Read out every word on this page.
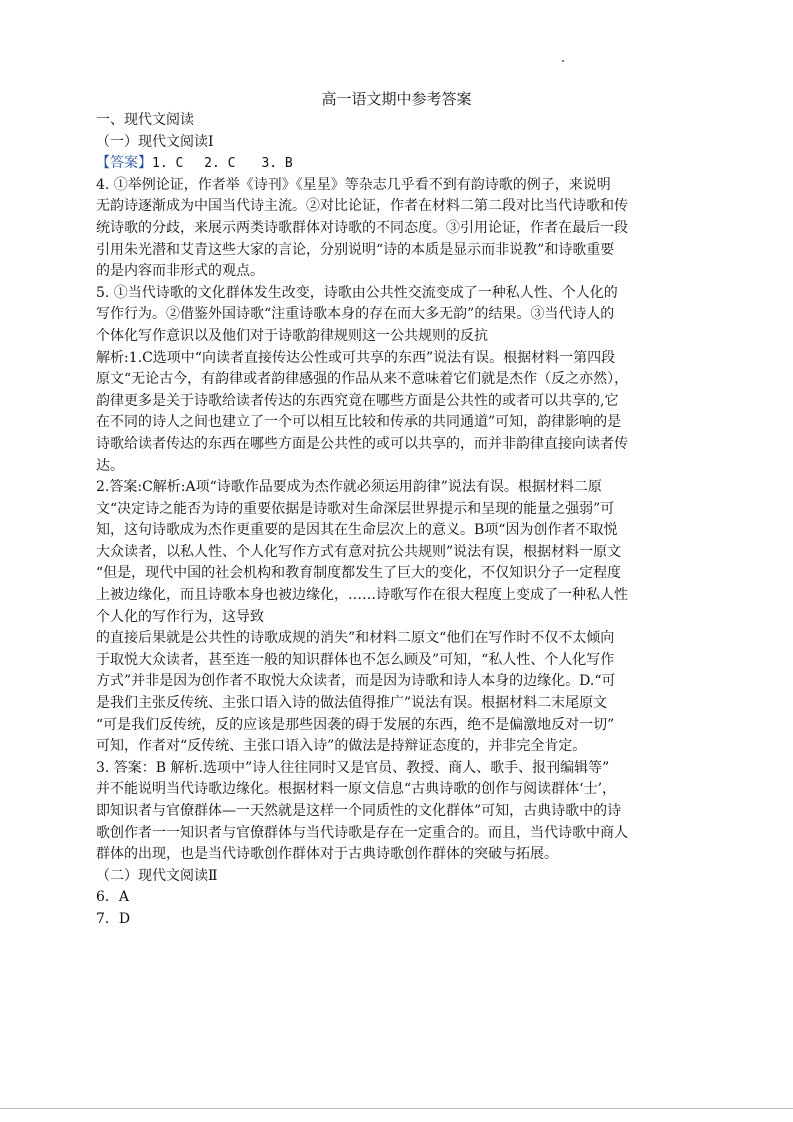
高一语文期中参考答案
一、现代文阅读
（一）现代文阅读Ⅰ
【答案】1. C　 2. C　　3. B
4. ①举例论证，作者举《诗刊》《星星》等杂志几乎看不到有韵诗歌的例子，来说明
无韵诗逐渐成为中国当代诗主流。②对比论证，作者在材料二第二段对比当代诗歌和传
统诗歌的分歧，来展示两类诗歌群体对诗歌的不同态度。③引用论证，作者在最后一段
引用朱光潜和艾青这些大家的言论，分别说明“诗的本质是显示而非说教”和诗歌重要
的是内容而非形式的观点。
5. ①当代诗歌的文化群体发生改变，诗歌由公共性交流变成了一种私人性、个人化的
写作行为。②借鉴外国诗歌“注重诗歌本身的存在而大多无韵”的结果。③当代诗人的
个体化写作意识以及他们对于诗歌韵律规则这一公共规则的反抗
解析:1.C选项中“向读者直接传达公性或可共享的东西”说法有误。根据材料一第四段
原文“无论古今，有韵律或者韵律感强的作品从来不意味着它们就是杰作（反之亦然），
韵律更多是关于诗歌给读者传达的东西究竟在哪些方面是公共性的或者可以共享的,它
在不同的诗人之间也建立了一个可以相互比较和传承的共同通道”可知，韵律影响的是
诗歌给读者传达的东西在哪些方面是公共性的或可以共享的，而并非韵律直接向读者传
达。
2.答案:C解析:A项“诗歌作品要成为杰作就必须运用韵律”说法有误。根据材料二原
文“决定诗之能否为诗的重要依据是诗歌对生命深层世界提示和呈现的能量之强弱”可
知，这句诗歌成为杰作更重要的是因其在生命层次上的意义。B项“因为创作者不取悦
大众读者，以私人性、个人化写作方式有意对抗公共规则”说法有误，根据材料一原文
“但是，现代中国的社会机构和教育制度都发生了巨大的变化，不仅知识分子一定程度
上被边缘化，而且诗歌本身也被边缘化，……诗歌写作在很大程度上变成了一种私人性
个人化的写作行为，这导致
的直接后果就是公共性的诗歌成规的消失”和材料二原文“他们在写作时不仅不太倾向
于取悦大众读者，甚至连一般的知识群体也不怎么顾及”可知，“私人性、个人化写作
方式”并非是因为创作者不取悦大众读者，而是因为诗歌和诗人本身的边缘化。D.“可
是我们主张反传统、主张口语入诗的做法值得推广”说法有误。根据材料二末尾原文
“可是我们反传统，反的应该是那些因袭的碍于发展的东西，绝不是偏激地反对一切”
可知，作者对“反传统、主张口语入诗”的做法是持辩证态度的，并非完全肯定。
3. 答案：B 解析.选项中”诗人往往同时又是官员、教授、商人、歌手、报刊编辑等”
并不能说明当代诗歌边缘化。根据材料一原文信息“古典诗歌的创作与阅读群体‘士’，
即知识者与官僚群体—一天然就是这样一个同质性的文化群体”可知，古典诗歌中的诗
歌创作者一一知识者与官僚群体与当代诗歌是存在一定重合的。而且，当代诗歌中商人
群体的出现，也是当代诗歌创作群体对于古典诗歌创作群体的突破与拓展。
（二）现代文阅读Ⅱ
6．A
7．D
